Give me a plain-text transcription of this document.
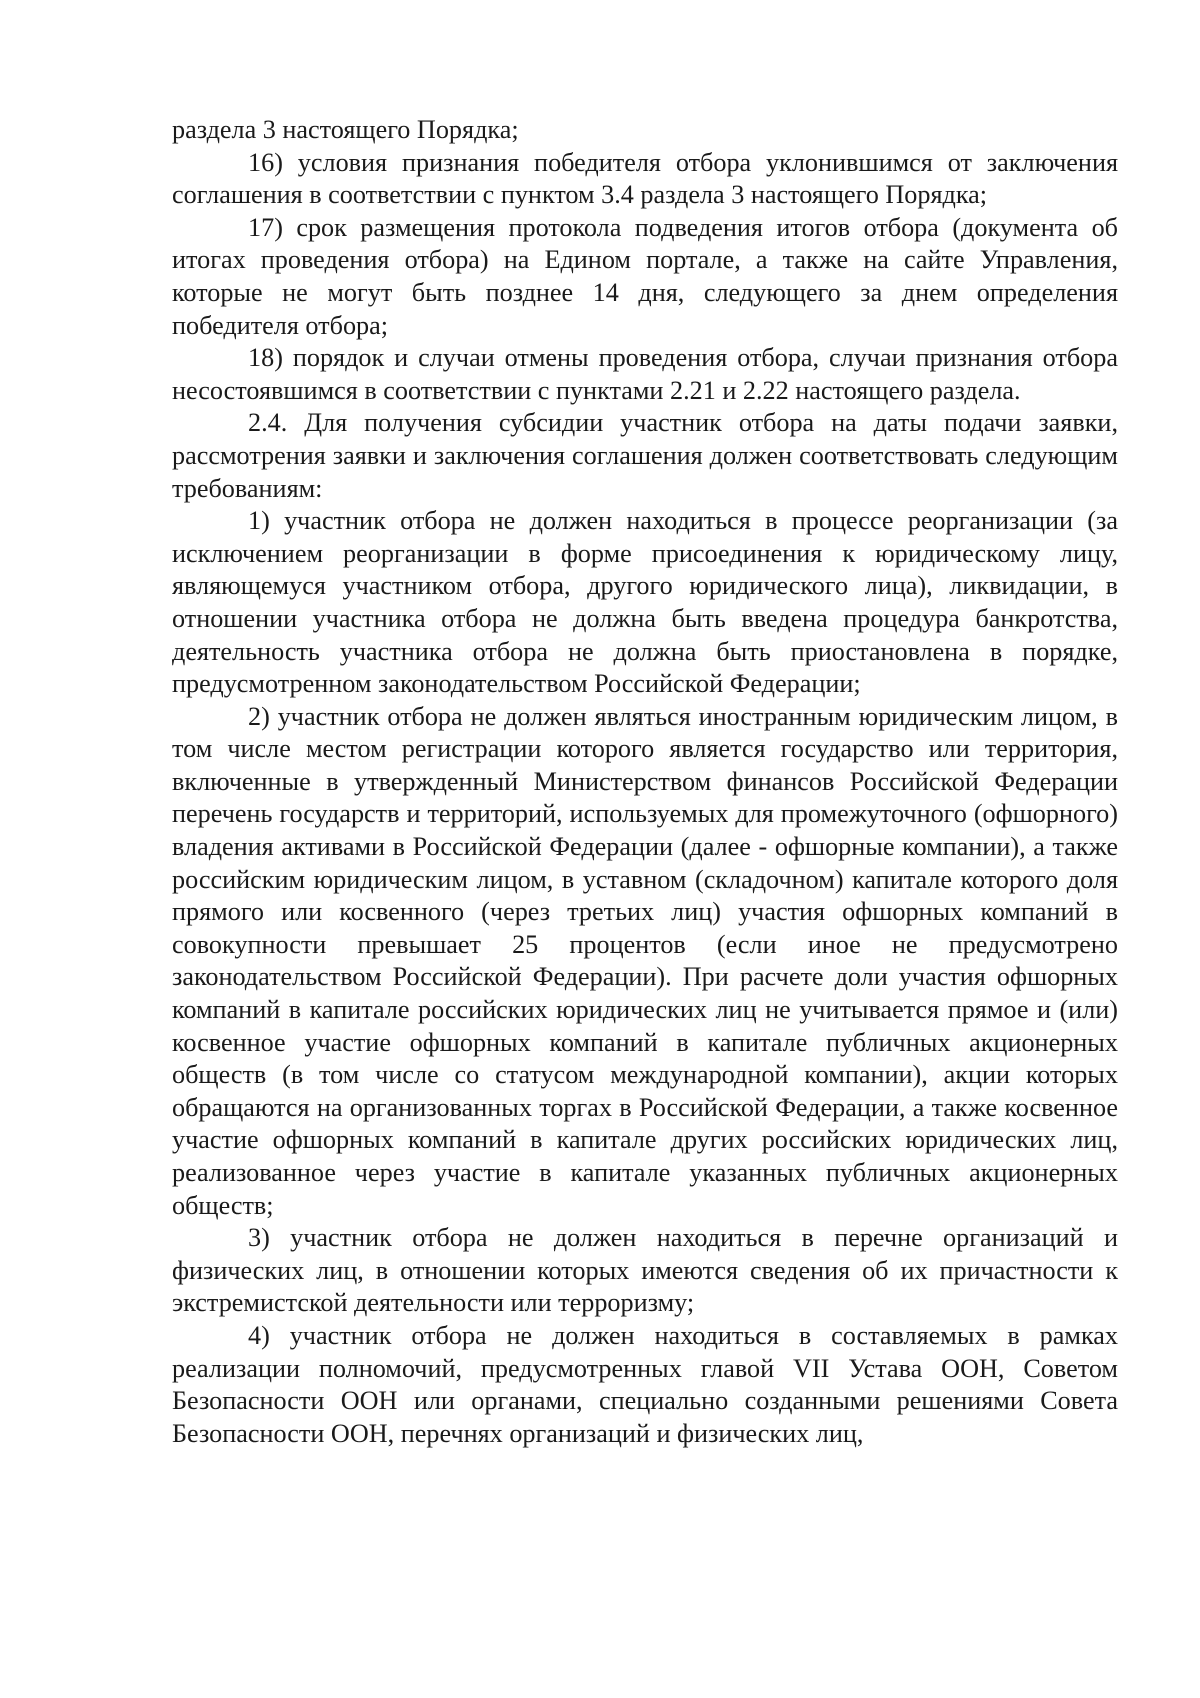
раздела 3 настоящего Порядка;

16) условия признания победителя отбора уклонившимся от заключения соглашения в соответствии с пунктом 3.4 раздела 3 настоящего Порядка;

17) срок размещения протокола подведения итогов отбора (документа об итогах проведения отбора) на Едином портале, а также на сайте Управления, которые не могут быть позднее 14 дня, следующего за днем определения победителя отбора;

18) порядок и случаи отмены проведения отбора, случаи признания отбора несостоявшимся в соответствии с пунктами 2.21 и 2.22 настоящего раздела.

2.4. Для получения субсидии участник отбора на даты подачи заявки, рассмотрения заявки и заключения соглашения должен соответствовать следующим требованиям:

1) участник отбора не должен находиться в процессе реорганизации (за исключением реорганизации в форме присоединения к юридическому лицу, являющемуся участником отбора, другого юридического лица), ликвидации, в отношении участника отбора не должна быть введена процедура банкротства, деятельность участника отбора не должна быть приостановлена в порядке, предусмотренном законодательством Российской Федерации;

2) участник отбора не должен являться иностранным юридическим лицом, в том числе местом регистрации которого является государство или территория, включенные в утвержденный Министерством финансов Российской Федерации перечень государств и территорий, используемых для промежуточного (офшорного) владения активами в Российской Федерации (далее - офшорные компании), а также российским юридическим лицом, в уставном (складочном) капитале которого доля прямого или косвенного (через третьих лиц) участия офшорных компаний в совокупности превышает 25 процентов (если иное не предусмотрено законодательством Российской Федерации). При расчете доли участия офшорных компаний в капитале российских юридических лиц не учитывается прямое и (или) косвенное участие офшорных компаний в капитале публичных акционерных обществ (в том числе со статусом международной компании), акции которых обращаются на организованных торгах в Российской Федерации, а также косвенное участие офшорных компаний в капитале других российских юридических лиц, реализованное через участие в капитале указанных публичных акционерных обществ;

3) участник отбора не должен находиться в перечне организаций и физических лиц, в отношении которых имеются сведения об их причастности к экстремистской деятельности или терроризму;

4) участник отбора не должен находиться в составляемых в рамках реализации полномочий, предусмотренных главой VII Устава ООН, Советом Безопасности ООН или органами, специально созданными решениями Совета Безопасности ООН, перечнях организаций и физических лиц,
